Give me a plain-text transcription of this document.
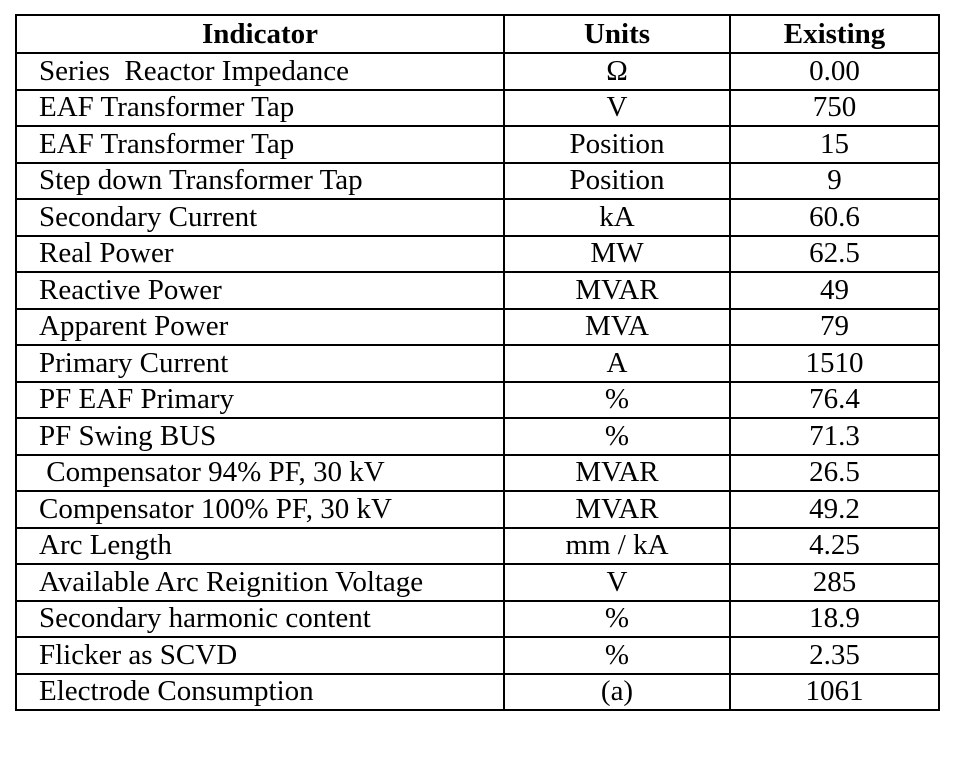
Indicator	Units	Existing
Series  Reactor Impedance	Ω	0.00
EAF Transformer Tap	V	750
EAF Transformer Tap	Position	15
Step down Transformer Tap	Position	9
Secondary Current	kA	60.6
Real Power	MW	62.5
Reactive Power	MVAR	49
Apparent Power	MVA	79
Primary Current	A	1510
PF EAF Primary	%	76.4
PF Swing BUS	%	71.3
Compensator 94% PF, 30 kV	MVAR	26.5
Compensator 100% PF, 30 kV	MVAR	49.2
Arc Length	mm / kA	4.25
Available Arc Reignition Voltage	V	285
Secondary harmonic content	%	18.9
Flicker as SCVD	%	2.35
Electrode Consumption	(a)	1061
